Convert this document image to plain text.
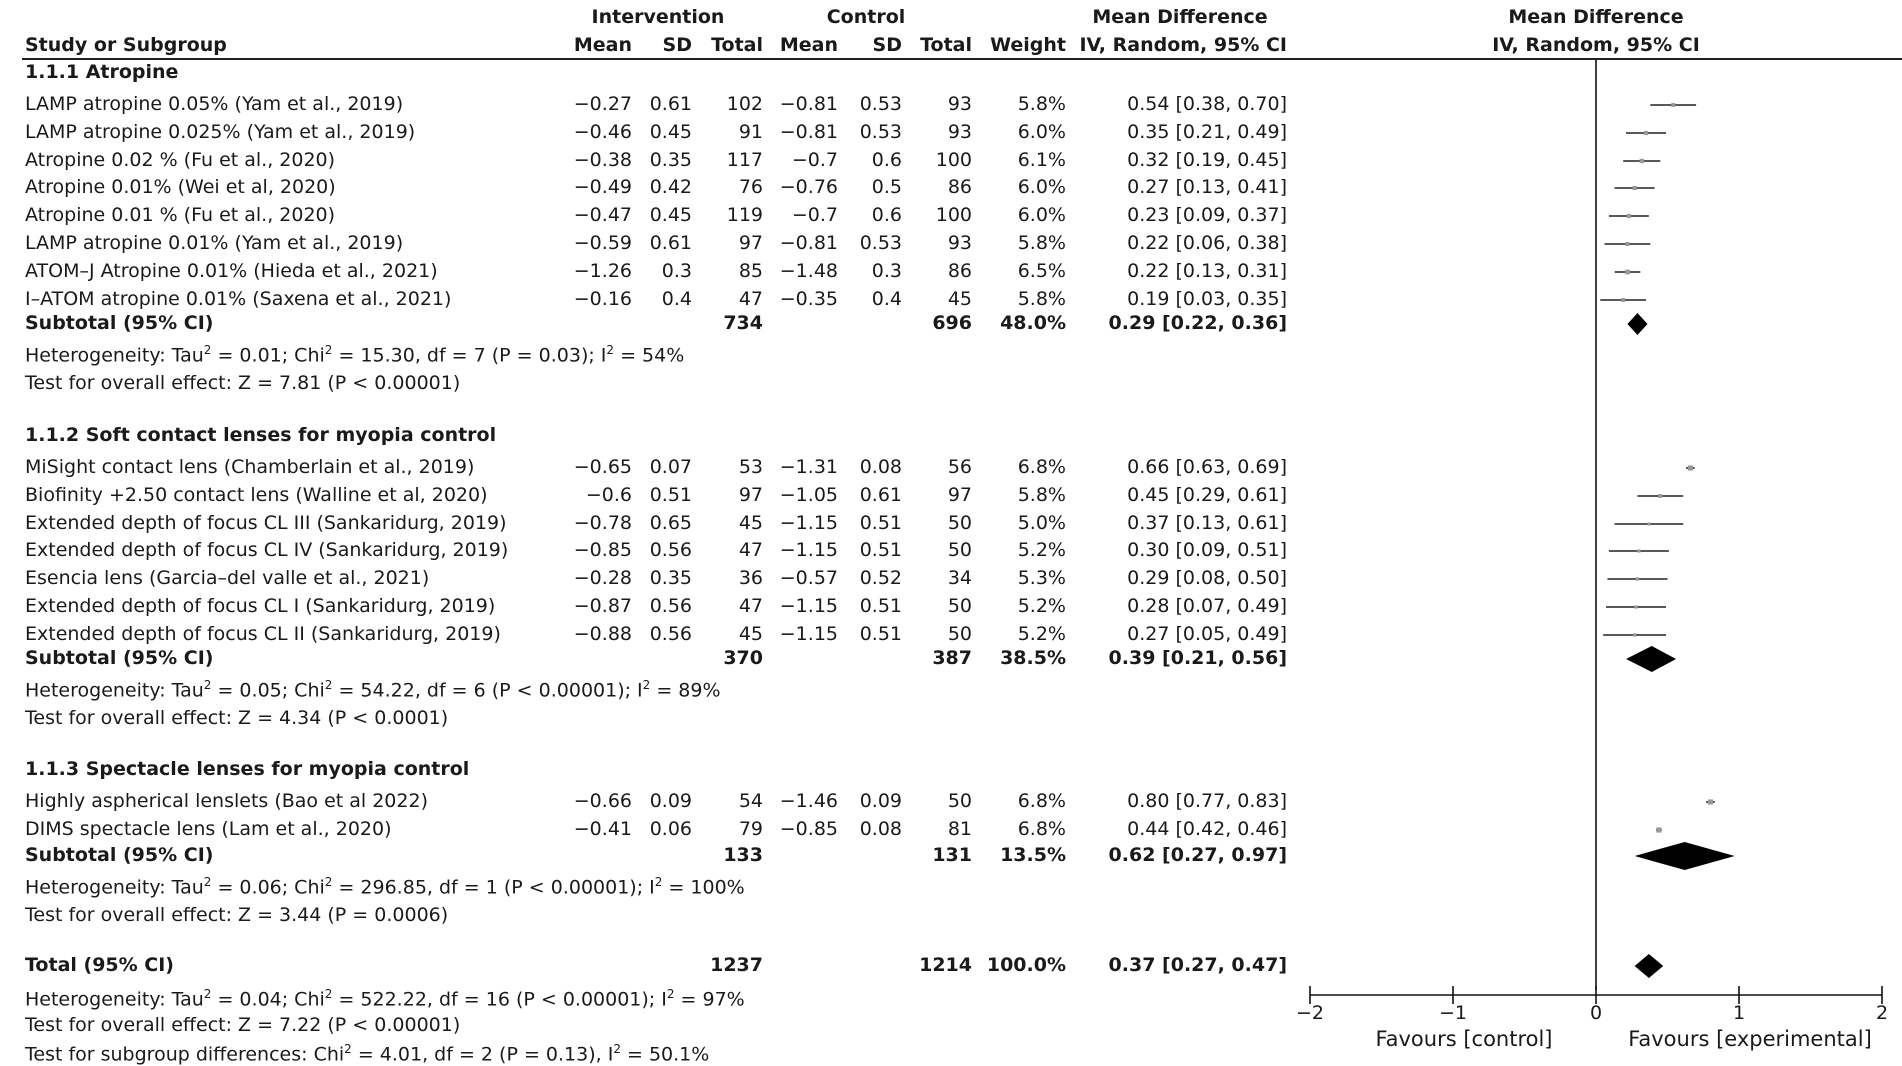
Intervention	Control	Mean Difference	Mean Difference
Study or Subgroup	Mean SD Total Mean SD Total Weight IV, Random, 95% CI	IV, Random, 95% CI
1.1.1 Atropine
LAMP atropine 0.05% (Yam et al., 2019)	−0.27 0.61 102 −0.81 0.53 93 5.8%	0.54 [0.38, 0.70]
LAMP atropine 0.025% (Yam et al., 2019)	−0.46 0.45 91 −0.81 0.53 93 6.0%	0.35 [0.21, 0.49]
Atropine 0.02 % (Fu et al., 2020)	−0.38 0.35 117 −0.7 0.6 100 6.1%	0.32 [0.19, 0.45]
Atropine 0.01% (Wei et al, 2020)	−0.49 0.42 76 −0.76 0.5 86 6.0%	0.27 [0.13, 0.41]
Atropine 0.01 % (Fu et al., 2020)	−0.47 0.45 119 −0.7 0.6 100 6.0%	0.23 [0.09, 0.37]
LAMP atropine 0.01% (Yam et al., 2019)	−0.59 0.61 97 −0.81 0.53 93 5.8%	0.22 [0.06, 0.38]
ATOM–J Atropine 0.01% (Hieda et al., 2021)	−1.26 0.3 85 −1.48 0.3 86 6.5%	0.22 [0.13, 0.31]
I–ATOM atropine 0.01% (Saxena et al., 2021)	−0.16 0.4 47 −0.35 0.4 45 5.8%	0.19 [0.03, 0.35]
Subtotal (95% CI)	734	696 48.0% 0.29 [0.22, 0.36]
Heterogeneity: Tau$^2$ = 0.01; Chi$^2$ = 15.30, df = 7 (P = 0.03); $I^2 = 54\%$
Test for overall effect: Z = 7.81 (P < 0.00001)
1.1.2 Soft contact lenses for myopia control
MiSight contact lens (Chamberlain et al., 2019)	−0.65 0.07 53 −1.31 0.08 56 6.8%	0.66 [0.63, 0.69]
Biofinity +2.50 contact lens (Walline et al, 2020)	−0.6 0.51 97 −1.05 0.61 97 5.8%	0.45 [0.29, 0.61]
Extended depth of focus CL III (Sankaridurg, 2019)	−0.78 0.65 45 −1.15 0.51 50 5.0%	0.37 [0.13, 0.61]
Extended depth of focus CL IV (Sankaridurg, 2019)	−0.85 0.56 47 −1.15 0.51 50 5.2%	0.30 [0.09, 0.51]
Esencia lens (Garcia–del valle et al., 2021)	−0.28 0.35 36 −0.57 0.52 34 5.3%	0.29 [0.08, 0.50]
Extended depth of focus CL I (Sankaridurg, 2019)	−0.87 0.56 47 −1.15 0.51 50 5.2%	0.28 [0.07, 0.49]
Extended depth of focus CL II (Sankaridurg, 2019)	−0.88 0.56 45 −1.15 0.51 50 5.2%	0.27 [0.05, 0.49]
Subtotal (95% CI)	370	387 38.5% 0.39 [0.21, 0.56]
Heterogeneity: Tau$^2$ = 0.05; Chi$^2$ = 54.22, df = 6 (P < 0.00001); $I^2 = 89\%$
Test for overall effect: Z = 4.34 (P < 0.0001)
1.1.3 Spectacle lenses for myopia control
Highly aspherical lenslets (Bao et al 2022)	−0.66 0.09 54 −1.46 0.09 50 6.8%	0.80 [0.77, 0.83]
DIMS spectacle lens (Lam et al., 2020)	−0.41 0.06 79 −0.85 0.08 81 6.8%	0.44 [0.42, 0.46]
Subtotal (95% CI)	133	131 13.5% 0.62 [0.27, 0.97]
Heterogeneity: Tau$^2$ = 0.06; Chi$^2$ = 296.85, df = 1 (P < 0.00001); $I^2 = 100\%$
Test for overall effect: Z = 3.44 (P = 0.0006)
Total (95% CI)	1237	1214 100.0% 0.37 [0.27, 0.47]
Heterogeneity: Tau$^2$ = 0.04; Chi$^2$ = 522.22, df = 16 (P < 0.00001); $I^2 = 97\%$
Test for overall effect: Z = 7.22 (P < 0.00001)
Test for subgroup differences: Chi$^2$ = 4.01, df = 2 (P = 0.13), $I^2 = 50.1\%$
−2	−1	0	1	2
Favours [control]	Favours [experimental]
